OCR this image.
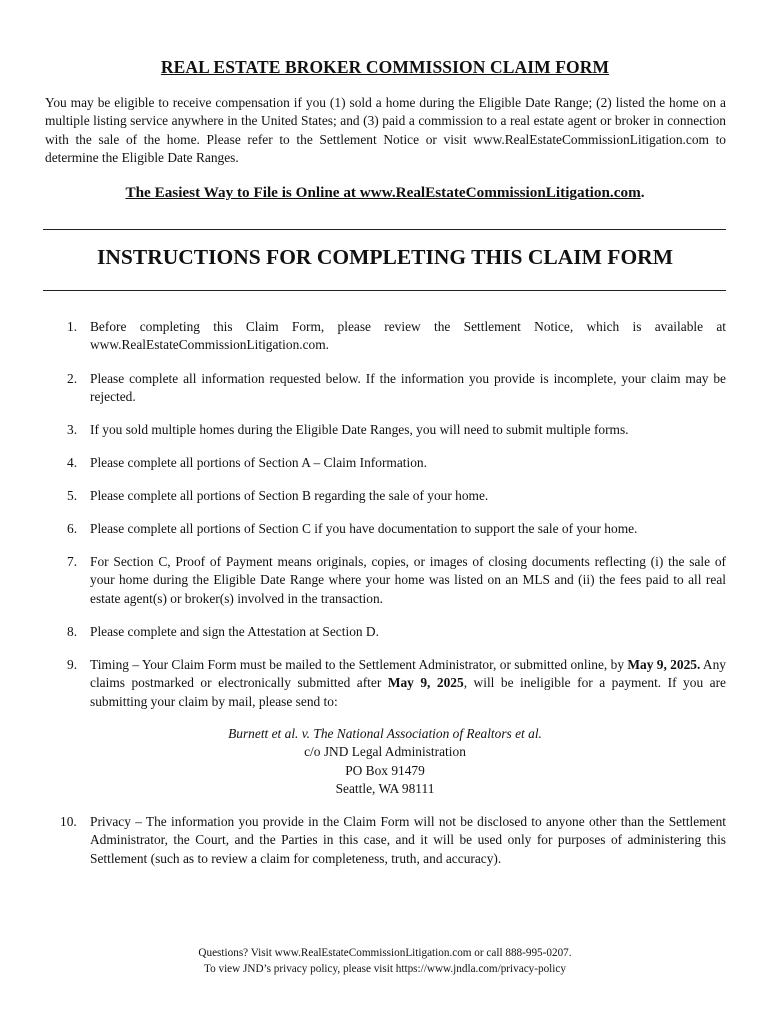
REAL ESTATE BROKER COMMISSION CLAIM FORM
You may be eligible to receive compensation if you (1) sold a home during the Eligible Date Range; (2) listed the home on a multiple listing service anywhere in the United States; and (3) paid a commission to a real estate agent or broker in connection with the sale of the home. Please refer to the Settlement Notice or visit www.RealEstateCommissionLitigation.com to determine the Eligible Date Ranges.
The Easiest Way to File is Online at www.RealEstateCommissionLitigation.com.
INSTRUCTIONS FOR COMPLETING THIS CLAIM FORM
1. Before completing this Claim Form, please review the Settlement Notice, which is available at www.RealEstateCommissionLitigation.com.
2. Please complete all information requested below. If the information you provide is incomplete, your claim may be rejected.
3. If you sold multiple homes during the Eligible Date Ranges, you will need to submit multiple forms.
4. Please complete all portions of Section A – Claim Information.
5. Please complete all portions of Section B regarding the sale of your home.
6. Please complete all portions of Section C if you have documentation to support the sale of your home.
7. For Section C, Proof of Payment means originals, copies, or images of closing documents reflecting (i) the sale of your home during the Eligible Date Range where your home was listed on an MLS and (ii) the fees paid to all real estate agent(s) or broker(s) involved in the transaction.
8. Please complete and sign the Attestation at Section D.
9. Timing – Your Claim Form must be mailed to the Settlement Administrator, or submitted online, by May 9, 2025. Any claims postmarked or electronically submitted after May 9, 2025, will be ineligible for a payment. If you are submitting your claim by mail, please send to:
10. Privacy – The information you provide in the Claim Form will not be disclosed to anyone other than the Settlement Administrator, the Court, and the Parties in this case, and it will be used only for purposes of administering this Settlement (such as to review a claim for completeness, truth, and accuracy).
Burnett et al. v. The National Association of Realtors et al.
c/o JND Legal Administration
PO Box 91479
Seattle, WA 98111
Questions? Visit www.RealEstateCommissionLitigation.com or call 888-995-0207.
To view JND’s privacy policy, please visit https://www.jndla.com/privacy-policy
